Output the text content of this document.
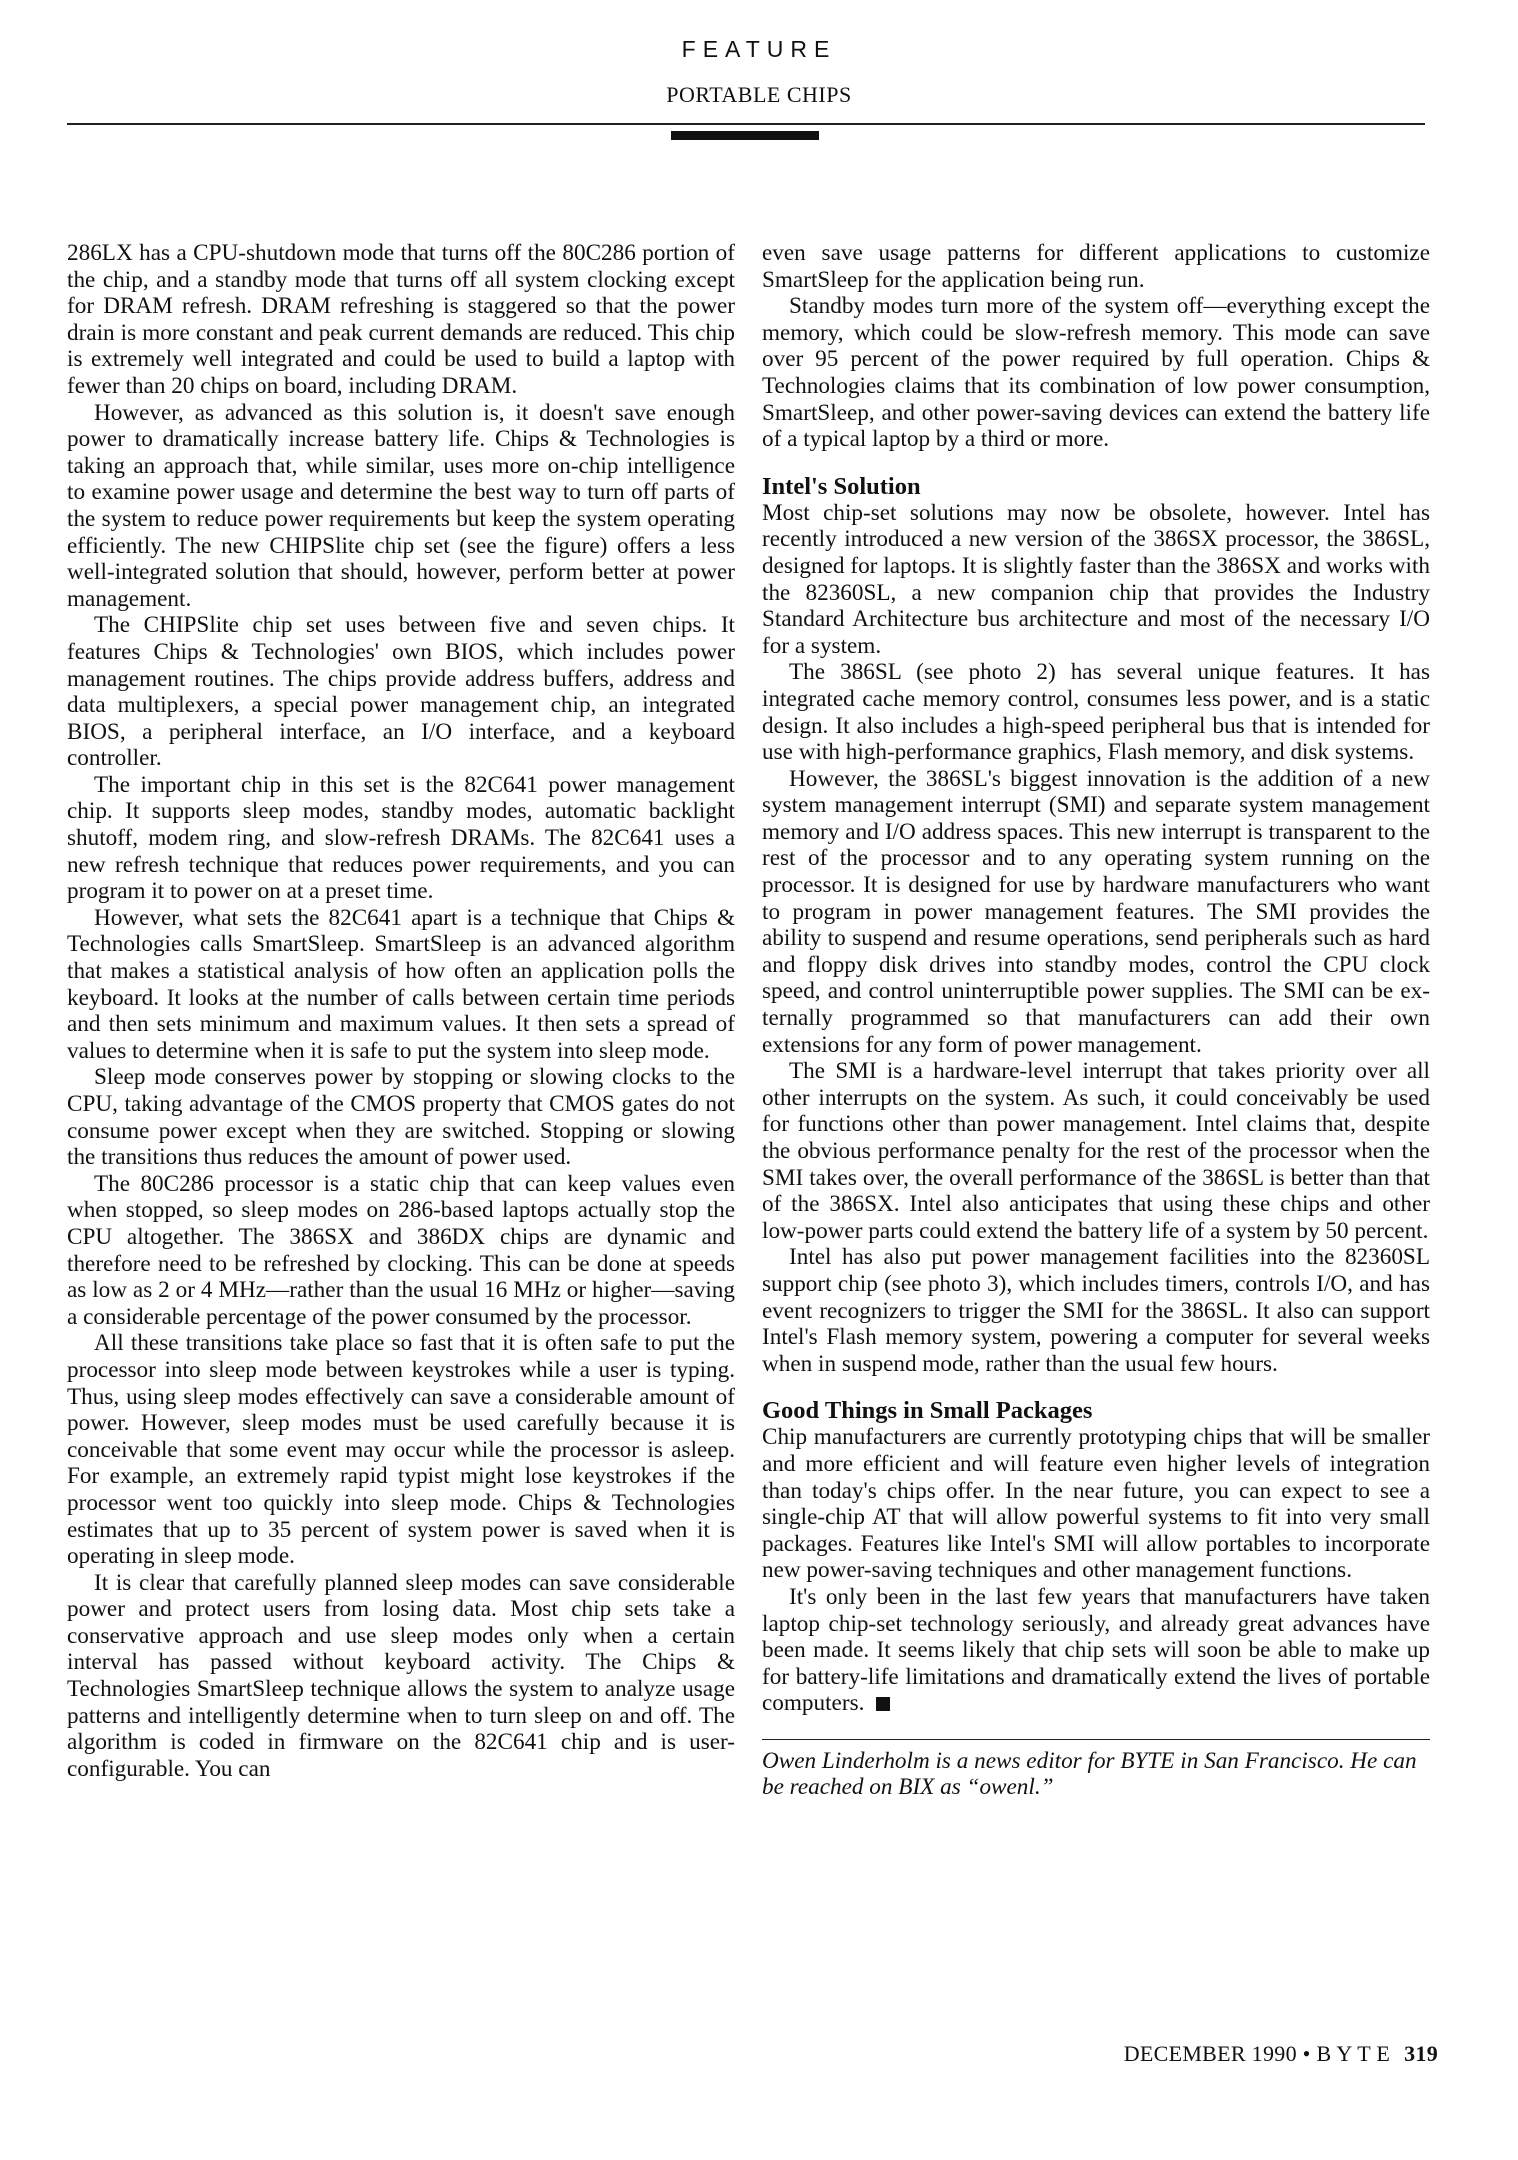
FEATURE
PORTABLE CHIPS

286LX has a CPU-shutdown mode that turns off the 80C286 portion of the chip, and a standby mode that turns off all system clocking except for DRAM refresh. DRAM refreshing is staggered so that the power drain is more constant and peak current demands are reduced. This chip is extremely well integrated and could be used to build a laptop with fewer than 20 chips on board, including DRAM.

However, as advanced as this solution is, it doesn't save enough power to dramatically increase battery life. Chips & Technologies is taking an approach that, while similar, uses more on-chip intelligence to examine power usage and determine the best way to turn off parts of the system to reduce power requirements but keep the system operating efficiently. The new CHIPSlite chip set (see the figure) offers a less well-integrated solution that should, however, perform better at power management.

The CHIPSlite chip set uses between five and seven chips. It features Chips & Technologies' own BIOS, which includes power management routines. The chips provide address buffers, address and data multiplexers, a special power management chip, an integrated BIOS, a peripheral interface, an I/O interface, and a keyboard controller.

The important chip in this set is the 82C641 power management chip. It supports sleep modes, standby modes, automatic backlight shutoff, modem ring, and slow-refresh DRAMs. The 82C641 uses a new refresh technique that reduces power requirements, and you can program it to power on at a preset time.

However, what sets the 82C641 apart is a technique that Chips & Technologies calls SmartSleep. SmartSleep is an advanced algorithm that makes a statistical analysis of how often an application polls the keyboard. It looks at the number of calls between certain time periods and then sets minimum and maximum values. It then sets a spread of values to determine when it is safe to put the system into sleep mode.

Sleep mode conserves power by stopping or slowing clocks to the CPU, taking advantage of the CMOS property that CMOS gates do not consume power except when they are switched. Stopping or slowing the transitions thus reduces the amount of power used.

The 80C286 processor is a static chip that can keep values even when stopped, so sleep modes on 286-based laptops actually stop the CPU altogether. The 386SX and 386DX chips are dynamic and therefore need to be refreshed by clocking. This can be done at speeds as low as 2 or 4 MHz—rather than the usual 16 MHz or higher—saving a considerable percentage of the power consumed by the processor.

All these transitions take place so fast that it is often safe to put the processor into sleep mode between keystrokes while a user is typing. Thus, using sleep modes effectively can save a considerable amount of power. However, sleep modes must be used carefully because it is conceivable that some event may occur while the processor is asleep. For example, an extremely rapid typist might lose keystrokes if the processor went too quickly into sleep mode. Chips & Technologies estimates that up to 35 percent of system power is saved when it is operating in sleep mode.

It is clear that carefully planned sleep modes can save considerable power and protect users from losing data. Most chip sets take a conservative approach and use sleep modes only when a certain interval has passed without keyboard activity. The Chips & Technologies SmartSleep technique allows the system to analyze usage patterns and intelligently determine when to turn sleep on and off. The algorithm is coded in firmware on the 82C641 chip and is user-configurable. You can

even save usage patterns for different applications to customize SmartSleep for the application being run.

Standby modes turn more of the system off—everything except the memory, which could be slow-refresh memory. This mode can save over 95 percent of the power required by full operation. Chips & Technologies claims that its combination of low power consumption, SmartSleep, and other power-saving devices can extend the battery life of a typical laptop by a third or more.

Intel's Solution

Most chip-set solutions may now be obsolete, however. Intel has recently introduced a new version of the 386SX processor, the 386SL, designed for laptops. It is slightly faster than the 386SX and works with the 82360SL, a new companion chip that provides the Industry Standard Architecture bus architecture and most of the necessary I/O for a system.

The 386SL (see photo 2) has several unique features. It has integrated cache memory control, consumes less power, and is a static design. It also includes a high-speed peripheral bus that is intended for use with high-performance graphics, Flash memory, and disk systems.

However, the 386SL's biggest innovation is the addition of a new system management interrupt (SMI) and separate system management memory and I/O address spaces. This new interrupt is transparent to the rest of the processor and to any operating system running on the processor. It is designed for use by hardware manufacturers who want to program in power management features. The SMI provides the ability to suspend and resume operations, send peripherals such as hard and floppy disk drives into standby modes, control the CPU clock speed, and control uninterruptible power supplies. The SMI can be externally programmed so that manufacturers can add their own extensions for any form of power management.

The SMI is a hardware-level interrupt that takes priority over all other interrupts on the system. As such, it could conceivably be used for functions other than power management. Intel claims that, despite the obvious performance penalty for the rest of the processor when the SMI takes over, the overall performance of the 386SL is better than that of the 386SX. Intel also anticipates that using these chips and other low-power parts could extend the battery life of a system by 50 percent.

Intel has also put power management facilities into the 82360SL support chip (see photo 3), which includes timers, controls I/O, and has event recognizers to trigger the SMI for the 386SL. It also can support Intel's Flash memory system, powering a computer for several weeks when in suspend mode, rather than the usual few hours.

Good Things in Small Packages

Chip manufacturers are currently prototyping chips that will be smaller and more efficient and will feature even higher levels of integration than today's chips offer. In the near future, you can expect to see a single-chip AT that will allow powerful systems to fit into very small packages. Features like Intel's SMI will allow portables to incorporate new power-saving techniques and other management functions.

It's only been in the last few years that manufacturers have taken laptop chip-set technology seriously, and already great advances have been made. It seems likely that chip sets will soon be able to make up for battery-life limitations and dramatically extend the lives of portable computers.

Owen Linderholm is a news editor for BYTE in San Francisco. He can be reached on BIX as “owenl.”
DECEMBER 1990 • B Y T E 319
